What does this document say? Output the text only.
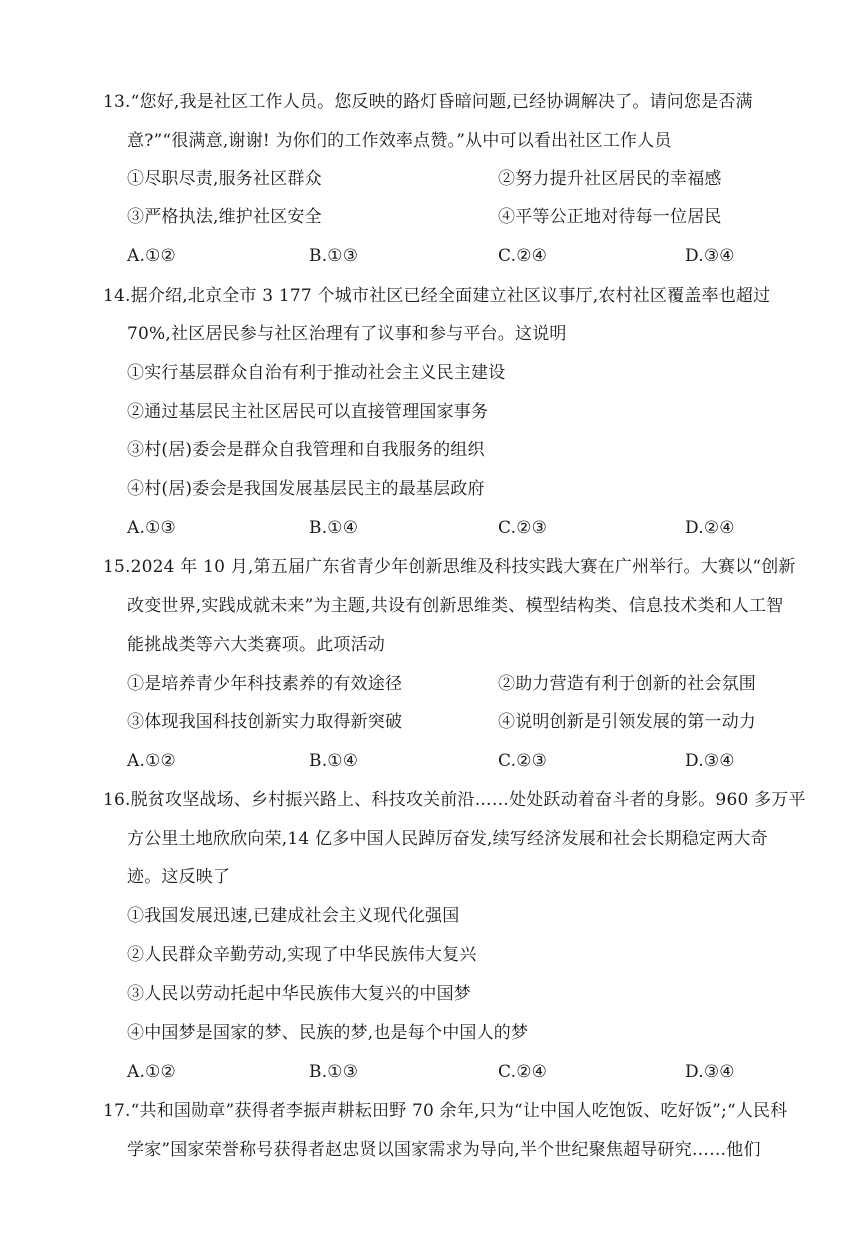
13.“您好,我是社区工作人员。您反映的路灯昏暗问题,已经协调解决了。请问您是否满
意?”“很满意,谢谢! 为你们的工作效率点赞。”从中可以看出社区工作人员
①尽职尽责,服务社区群众	②努力提升社区居民的幸福感
③严格执法,维护社区安全	④平等公正地对待每一位居民
A.①②	B.①③	C.②④	D.③④
14.据介绍,北京全市 3 177 个城市社区已经全面建立社区议事厅,农村社区覆盖率也超过
70%,社区居民参与社区治理有了议事和参与平台。这说明
①实行基层群众自治有利于推动社会主义民主建设
②通过基层民主社区居民可以直接管理国家事务
③村(居)委会是群众自我管理和自我服务的组织
④村(居)委会是我国发展基层民主的最基层政府
A.①③	B.①④	C.②③	D.②④
15.2024 年 10 月,第五届广东省青少年创新思维及科技实践大赛在广州举行。大赛以“创新
改变世界,实践成就未来”为主题,共设有创新思维类、模型结构类、信息技术类和人工智
能挑战类等六大类赛项。此项活动
①是培养青少年科技素养的有效途径	②助力营造有利于创新的社会氛围
③体现我国科技创新实力取得新突破	④说明创新是引领发展的第一动力
A.①②	B.①④	C.②③	D.③④
16.脱贫攻坚战场、乡村振兴路上、科技攻关前沿……处处跃动着奋斗者的身影。960 多万平
方公里土地欣欣向荣,14 亿多中国人民踔厉奋发,续写经济发展和社会长期稳定两大奇
迹。这反映了
①我国发展迅速,已建成社会主义现代化强国
②人民群众辛勤劳动,实现了中华民族伟大复兴
③人民以劳动托起中华民族伟大复兴的中国梦
④中国梦是国家的梦、民族的梦,也是每个中国人的梦
A.①②	B.①③	C.②④	D.③④
17.“共和国勋章”获得者李振声耕耘田野 70 余年,只为“让中国人吃饱饭、吃好饭”;“人民科
学家”国家荣誉称号获得者赵忠贤以国家需求为导向,半个世纪聚焦超导研究……他们
